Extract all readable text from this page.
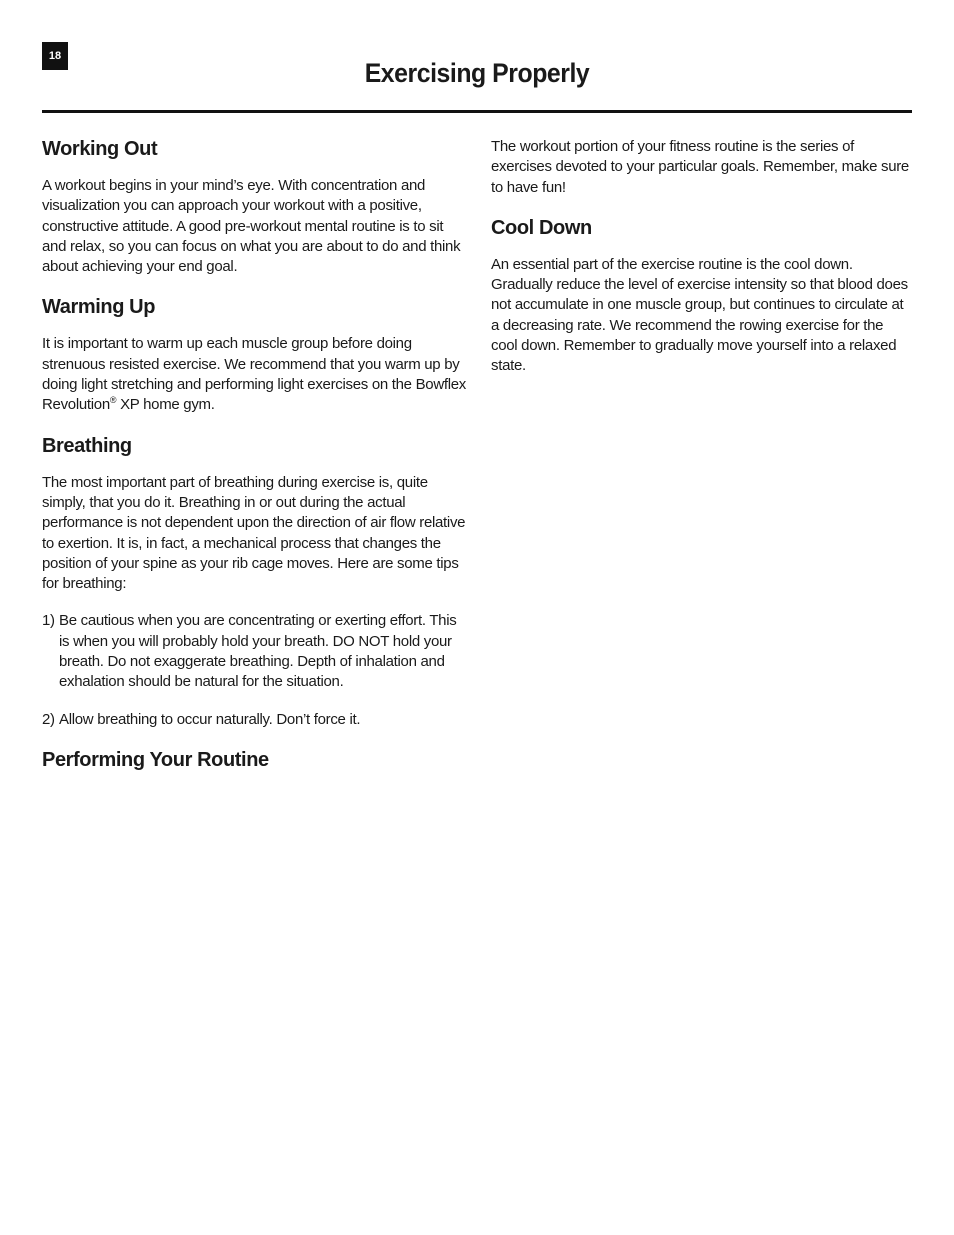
18
Exercising Properly
Working Out

A workout begins in your mind’s eye. With concentration and visualization you can approach your workout with a positive, constructive attitude. A good pre-workout mental routine is to sit and relax, so you can focus on what you are about to do and think about achieving your end goal.

Warming Up

It is important to warm up each muscle group before doing strenuous resisted exercise. We recommend that you warm up by doing light stretching and performing light exercises on the Bowflex Revolution® XP home gym.

Breathing

The most important part of breathing during exercise is, quite simply, that you do it. Breathing in or out during the actual performance is not dependent upon the direction of air flow relative to exertion. It is, in fact, a mechanical process that changes the position of your spine as your rib cage moves. Here are some tips for breathing:

1) Be cautious when you are concentrating or exerting effort. This is when you will probably hold your breath. DO NOT hold your breath. Do not exaggerate breathing. Depth of inhalation and exhalation should be natural for the situation.
2) Allow breathing to occur naturally. Don’t force it.
Performing Your Routine

The workout portion of your fitness routine is the series of exercises devoted to your particular goals. Remember, make sure to have fun!

Cool Down

An essential part of the exercise routine is the cool down. Gradually reduce the level of exercise intensity so that blood does not accumulate in one muscle group, but continues to circulate at a decreasing rate. We recommend the rowing exercise for the cool down. Remember to gradually move yourself into a relaxed state.
